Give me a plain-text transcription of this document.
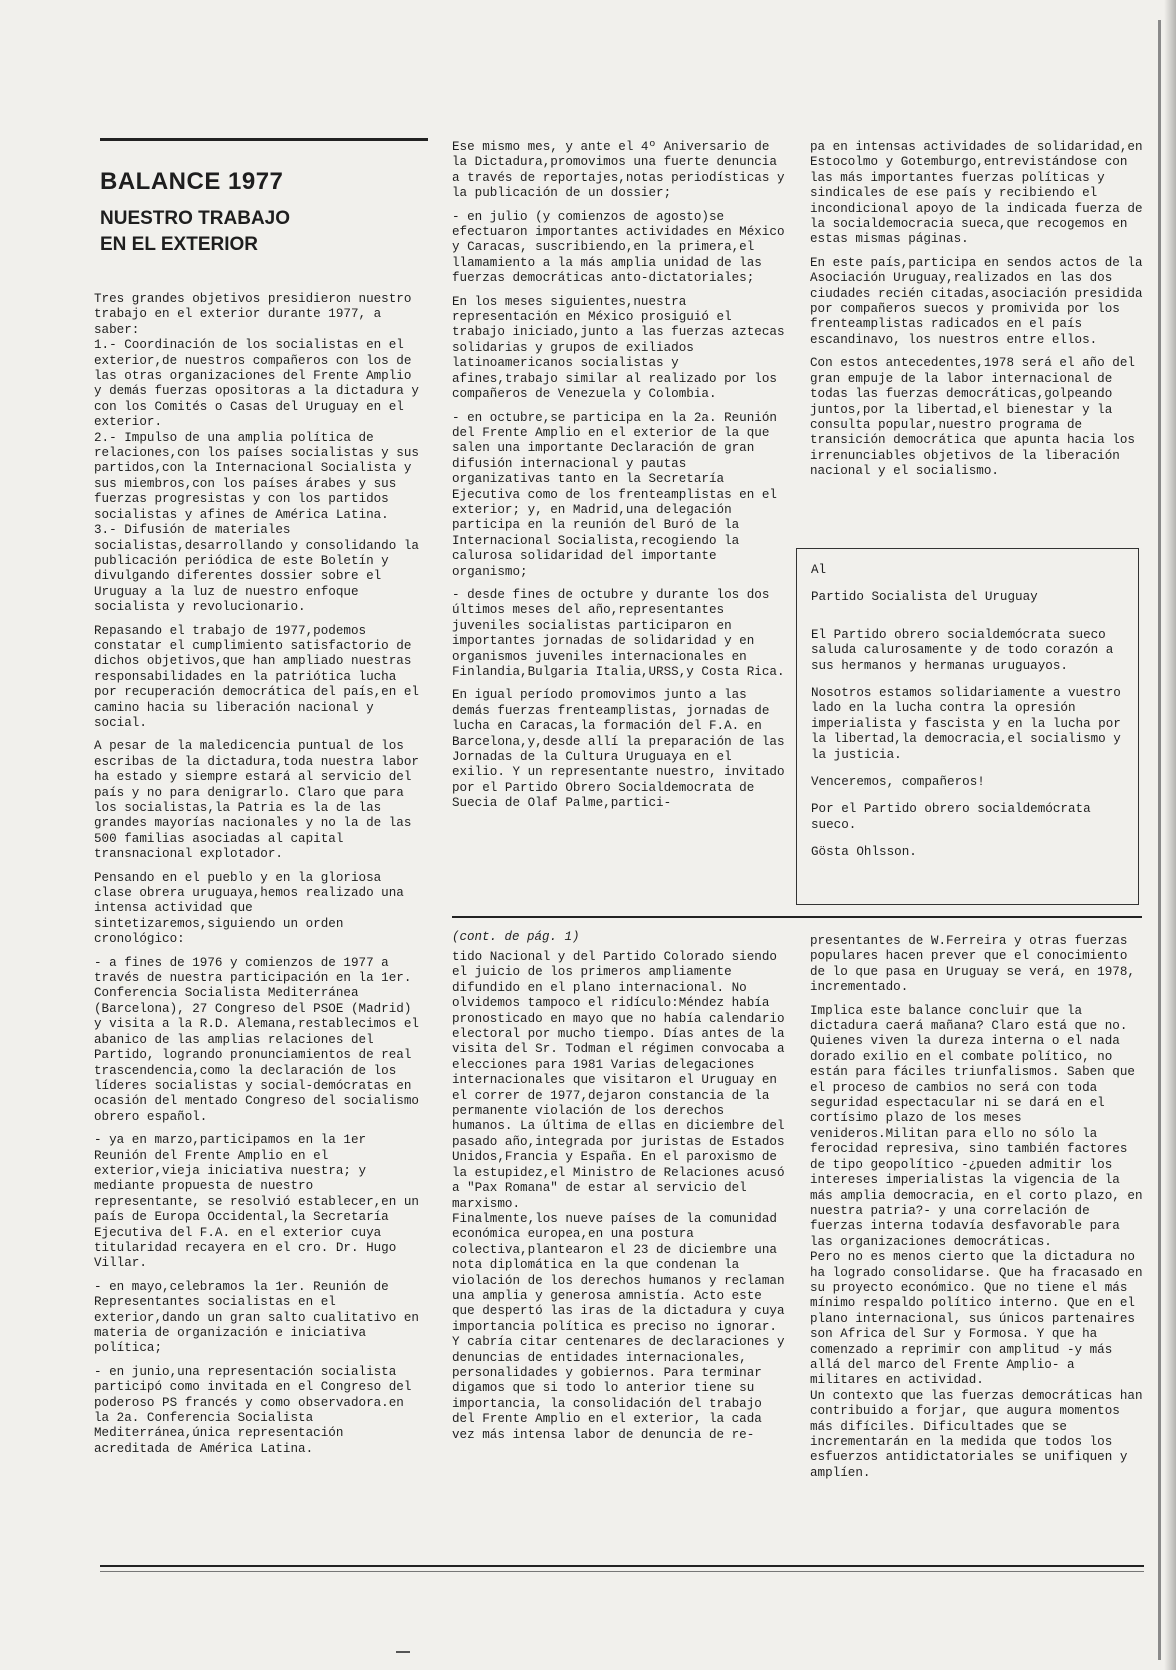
BALANCE 1977
NUESTRO TRABAJO
EN EL EXTERIOR

Tres grandes objetivos presidieron nuestro trabajo en el exterior durante 1977, a saber:
1.- Coordinación de los socialistas en el exterior,de nuestros compañeros con los de las otras organizaciones del Frente Amplio y demás fuerzas opositoras a la dictadura y con los Comités o Casas del Uruguay en el exterior.
2.- Impulso de una amplia política de relaciones,con los países socialistas y sus partidos,con la Internacional Socialista y sus miembros,con los países árabes y sus fuerzas progresistas y con los partidos socialistas y afines de América Latina.
3.- Difusión de materiales socialistas,desarrollando y consolidando la publicación periódica de este Boletín y divulgando diferentes dossier sobre el Uruguay a la luz de nuestro enfoque socialista y revolucionario.

Repasando el trabajo de 1977,podemos constatar el cumplimiento satisfactorio de dichos objetivos,que han ampliado nuestras responsabilidades en la patriótica lucha por recuperación democrática del país,en el camino hacia su liberación nacional y social.

A pesar de la maledicencia puntual de los escribas de la dictadura,toda nuestra labor ha estado y siempre estará al servicio del país y no para denigrarlo. Claro que para los socialistas,la Patria es la de las grandes mayorías nacionales y no la de las 500 familias asociadas al capital transnacional explotador.

Pensando en el pueblo y en la gloriosa clase obrera uruguaya,hemos realizado una intensa actividad que sintetizaremos,siguiendo un orden cronológico:

- a fines de 1976 y comienzos de 1977 a través de nuestra participación en la 1er. Conferencia Socialista Mediterránea (Barcelona), 27 Congreso del PSOE (Madrid) y visita a la R.D. Alemana,restablecimos el abanico de las amplias relaciones del Partido, logrando pronunciamientos de real trascendencia,como la declaración de los líderes socialistas y social-demócratas en ocasión del mentado Congreso del socialismo obrero español.

- ya en marzo,participamos en la 1er Reunión del Frente Amplio en el exterior,vieja iniciativa nuestra; y mediante propuesta de nuestro representante, se resolvió establecer,en un país de Europa Occidental,la Secretaría Ejecutiva del F.A. en el exterior cuya titularidad recayera en el cro. Dr. Hugo Villar.

- en mayo,celebramos la 1er. Reunión de Representantes socialistas en el exterior,dando un gran salto cualitativo en materia de organización e iniciativa política;

- en junio,una representación socialista participó como invitada en el Congreso del poderoso PS francés y como observadora.en la 2a. Conferencia Socialista Mediterránea,única representación acreditada de América Latina.

Ese mismo mes, y ante el 4º Aniversario de la Dictadura,promovimos una fuerte denuncia a través de reportajes,notas periodísticas y la publicación de un dossier;

- en julio (y comienzos de agosto)se efectuaron importantes actividades en México y Caracas, suscribiendo,en la primera,el llamamiento a la más amplia unidad de las fuerzas democráticas anto-dictatoriales;

En los meses siguientes,nuestra representación en México prosiguió el trabajo iniciado,junto a las fuerzas aztecas solidarias y grupos de exiliados latinoamericanos socialistas y afines,trabajo similar al realizado por los compañeros de Venezuela y Colombia.

- en octubre,se participa en la 2a. Reunión del Frente Amplio en el exterior de la que salen una importante Declaración de gran difusión internacional y pautas organizativas tanto en la Secretaría Ejecutiva como de los frenteamplistas en el exterior; y, en Madrid,una delegación participa en la reunión del Buró de la Internacional Socialista,recogiendo la calurosa solidaridad del importante organismo;

- desde fines de octubre y durante los dos últimos meses del año,representantes juveniles socialistas participaron en importantes jornadas de solidaridad y en organismos juveniles internacionales en Finlandia,Bulgaria Italia,URSS,y Costa Rica.

En igual período promovimos junto a las demás fuerzas frenteamplistas, jornadas de lucha en Caracas,la formación del F.A. en Barcelona,y,desde allí la preparación de las Jornadas de la Cultura Uruguaya en el exilio. Y un representante nuestro, invitado por el Partido Obrero Socialdemocrata de Suecia de Olaf Palme,partici-

pa en intensas actividades de solidaridad,en Estocolmo y Gotemburgo,entrevistándose con las más importantes fuerzas políticas y sindicales de ese país y recibiendo el incondicional apoyo de la indicada fuerza de la socialdemocracia sueca,que recogemos en estas mismas páginas.

En este país,participa en sendos actos de la Asociación Uruguay,realizados en las dos ciudades recién citadas,asociación presidida por compañeros suecos y promivida por los frenteamplistas radicados en el país escandinavo, los nuestros entre ellos.

Con estos antecedentes,1978 será el año del gran empuje de la labor internacional de todas las fuerzas democráticas,golpeando juntos,por la libertad,el bienestar y la consulta popular,nuestro programa de transición democrática que apunta hacia los irrenunciables objetivos de la liberación nacional y el socialismo.

Al

Partido Socialista del Uruguay

El Partido obrero socialdemócrata sueco saluda calurosamente y de todo corazón a sus hermanos y hermanas uruguayos.

Nosotros estamos solidariamente a vuestro lado en la lucha contra la opresión imperialista y fascista y en la lucha por la libertad,la democracia,el socialismo y la justicia.

Venceremos, compañeros!

Por el Partido obrero socialdemócrata sueco.

Gösta Ohlsson.

(cont. de pág. 1)

tido Nacional y del Partido Colorado siendo el juicio de los primeros ampliamente difundido en el plano internacional. No olvidemos tampoco el ridículo:Méndez había pronosticado en mayo que no había calendario electoral por mucho tiempo. Días antes de la visita del Sr. Todman el régimen convocaba a elecciones para 1981 Varias delegaciones internacionales que visitaron el Uruguay en el correr de 1977,dejaron constancia de la permanente violación de los derechos humanos. La última de ellas en diciembre del pasado año,integrada por juristas de Estados Unidos,Francia y España. En el paroxismo de la estupidez,el Ministro de Relaciones acusó a "Pax Romana" de estar al servicio del marxismo.
Finalmente,los nueve países de la comunidad económica europea,en una postura colectiva,plantearon el 23 de diciembre una nota diplomática en la que condenan la violación de los derechos humanos y reclaman una amplia y generosa amnistía. Acto este que despertó las iras de la dictadura y cuya importancia política es preciso no ignorar.
Y cabría citar centenares de declaraciones y denuncias de entidades internacionales, personalidades y gobiernos. Para terminar digamos que si todo lo anterior tiene su importancia, la consolidación del trabajo del Frente Amplio en el exterior, la cada vez más intensa labor de denuncia de re-

presentantes de W.Ferreira y otras fuerzas populares hacen prever que el conocimiento de lo que pasa en Uruguay se verá, en 1978, incrementado.

Implica este balance concluir que la dictadura caerá mañana? Claro está que no. Quienes viven la dureza interna o el nada dorado exilio en el combate político, no están para fáciles triunfalismos. Saben que el proceso de cambios no será con toda seguridad espectacular ni se dará en el cortísimo plazo de los meses venideros.Militan para ello no sólo la ferocidad represiva, sino también factores de tipo geopolítico -¿pueden admitir los intereses imperialistas la vigencia de la más amplia democracia, en el corto plazo, en nuestra patria?- y una correlación de fuerzas interna todavía desfavorable para las organizaciones democráticas.
Pero no es menos cierto que la dictadura no ha logrado consolidarse. Que ha fracasado en su proyecto económico. Que no tiene el más mínimo respaldo político interno. Que en el plano internacional, sus únicos partenaires son Africa del Sur y Formosa. Y que ha comenzado a reprimir con amplitud -y más allá del marco del Frente Amplio- a militares en actividad.
Un contexto que las fuerzas democráticas han contribuido a forjar, que augura momentos más difíciles. Dificultades que se incrementarán en la medida que todos los esfuerzos antidictatoriales se unifiquen y amplíen.
